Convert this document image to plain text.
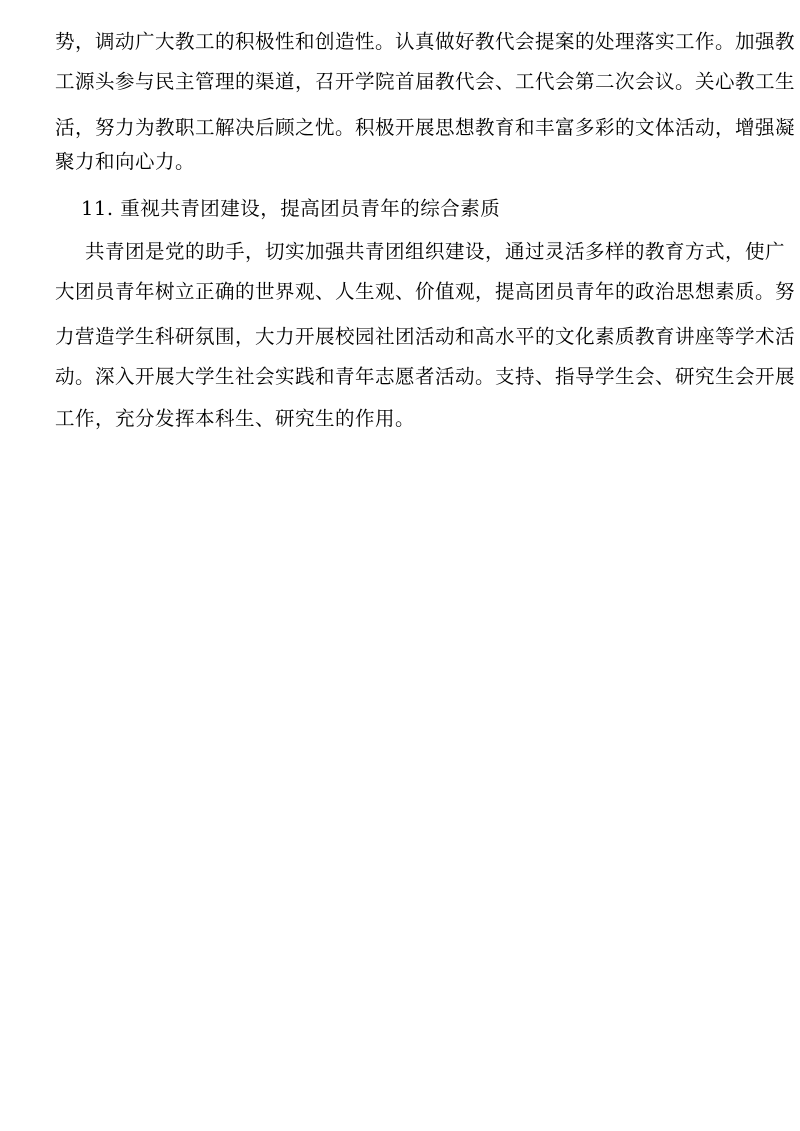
势，调动广大教工的积极性和创造性。认真做好教代会提案的处理落实工作。加强教
工源头参与民主管理的渠道，召开学院首届教代会、工代会第二次会议。关心教工生
活，努力为教职工解决后顾之忧。积极开展思想教育和丰富多彩的文体活动，增强凝
聚力和向心力。
11. 重视共青团建设，提高团员青年的综合素质
共青团是党的助手，切实加强共青团组织建设，通过灵活多样的教育方式，使广
大团员青年树立正确的世界观、人生观、价值观，提高团员青年的政治思想素质。努
力营造学生科研氛围，大力开展校园社团活动和高水平的文化素质教育讲座等学术活
动。深入开展大学生社会实践和青年志愿者活动。支持、指导学生会、研究生会开展
工作，充分发挥本科生、研究生的作用。
